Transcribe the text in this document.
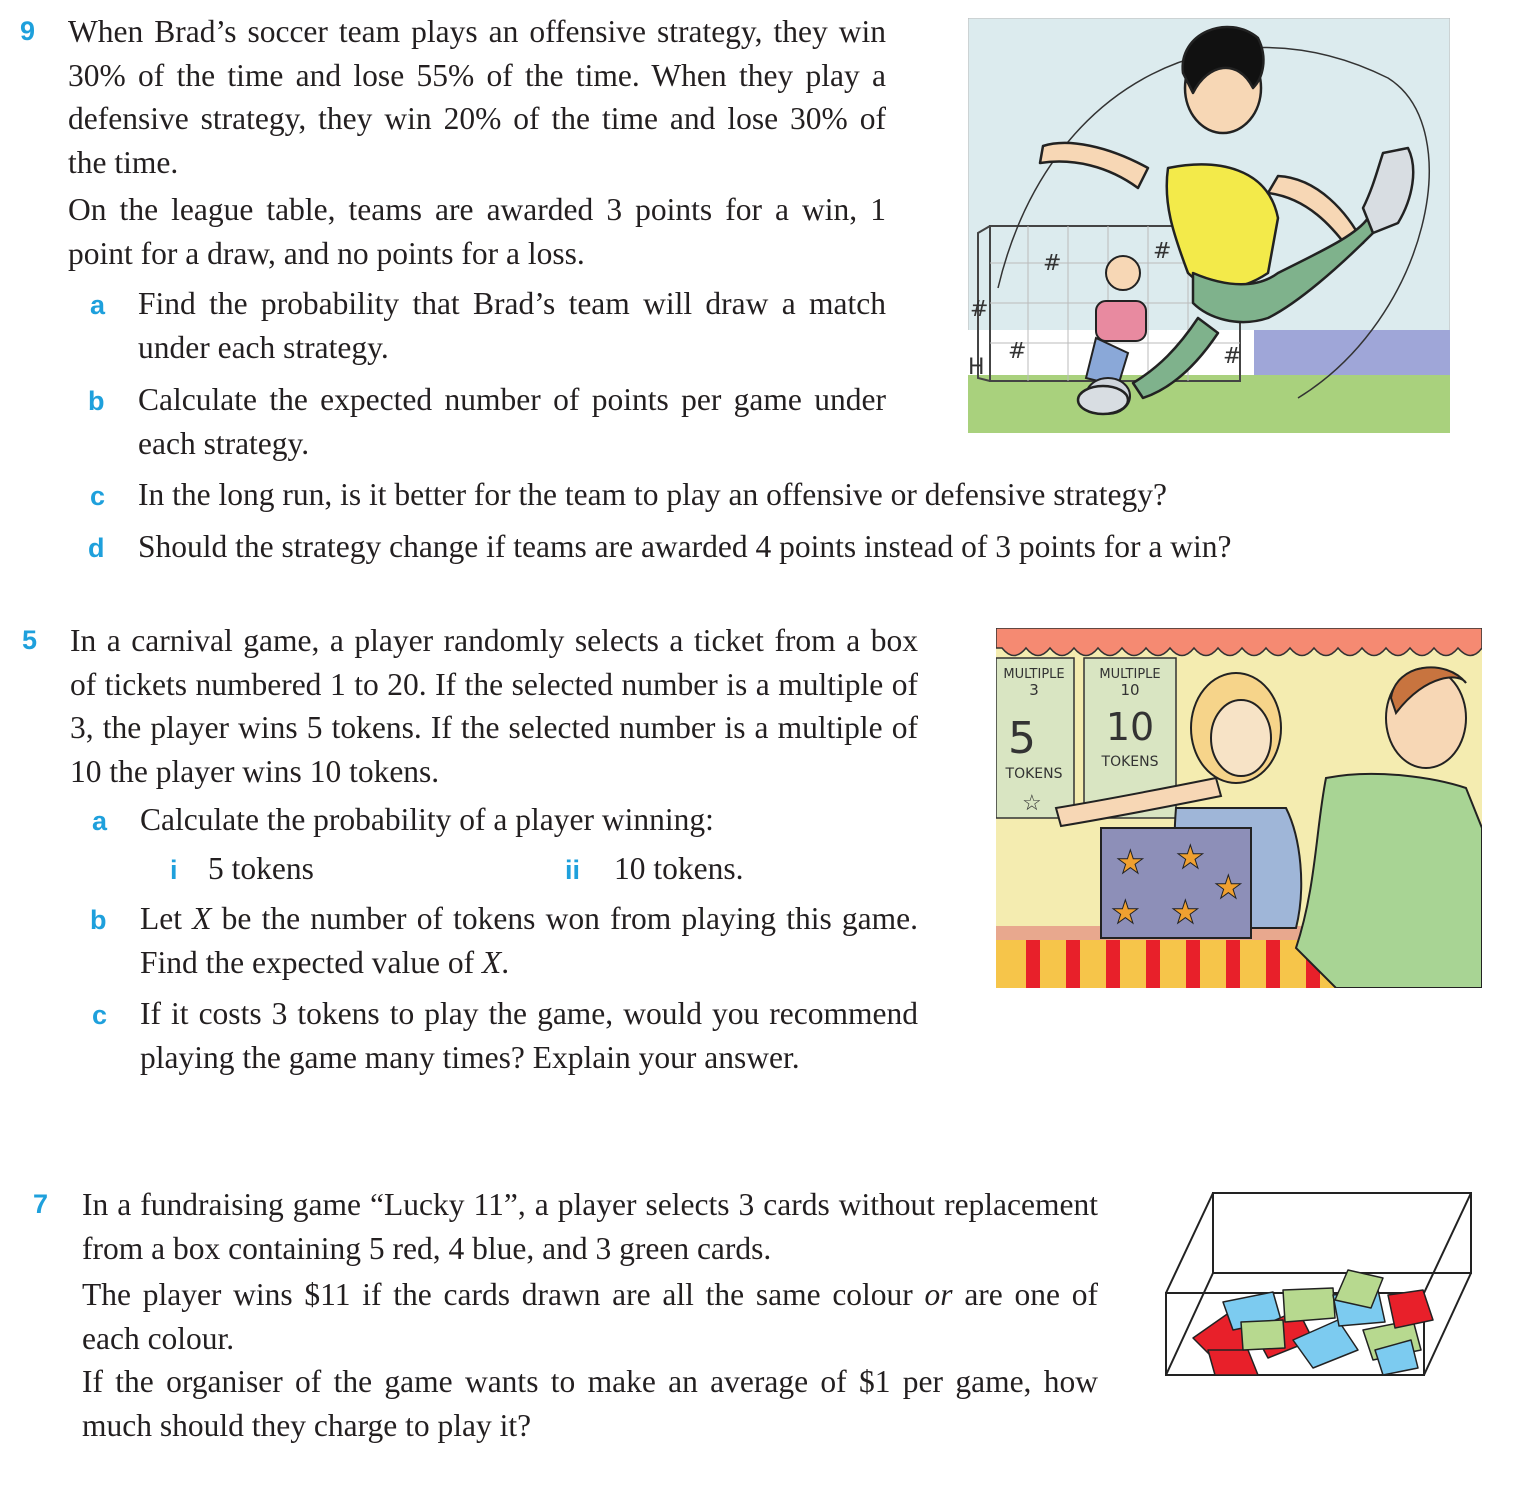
9 When Brad’s soccer team plays an offensive strategy, they win 30% of the time and lose 55% of the time. When they play a defensive strategy, they win 20% of the time and lose 30% of the time.

On the league table, teams are awarded 3 points for a win, 1 point for a draw, and no points for a loss.

a Find the probability that Brad’s team will draw a match under each strategy.

b Calculate the expected number of points per game under each strategy.

c In the long run, is it better for the team to play an offensive or defensive strategy?

d Should the strategy change if teams are awarded 4 points instead of 3 points for a win?

#	#
#
#	#
H
5 In a carnival game, a player randomly selects a ticket from a box of tickets numbered 1 to 20. If the selected number is a multiple of 3, the player wins 5 tokens. If the selected number is a multiple of 10 the player wins 10 tokens.

a Calculate the probability of a player winning:

i 5 tokens	ii 10 tokens.

b Let X be the number of tokens won from playing this game. Find the expected value of X.

c If it costs 3 tokens to play the game, would you recommend playing the game many times? Explain your answer.

MULTIPLE
3
5
TOKENS
☆
MULTIPLE
10
10
TOKENS
★ ★
★ ★
★
7 In a fundraising game “Lucky 11”, a player selects 3 cards without replacement from a box containing 5 red, 4 blue, and 3 green cards.

The player wins $11 if the cards drawn are all the same colour or are one of each colour.

If the organiser of the game wants to make an average of $1 per game, how much should they charge to play it?
